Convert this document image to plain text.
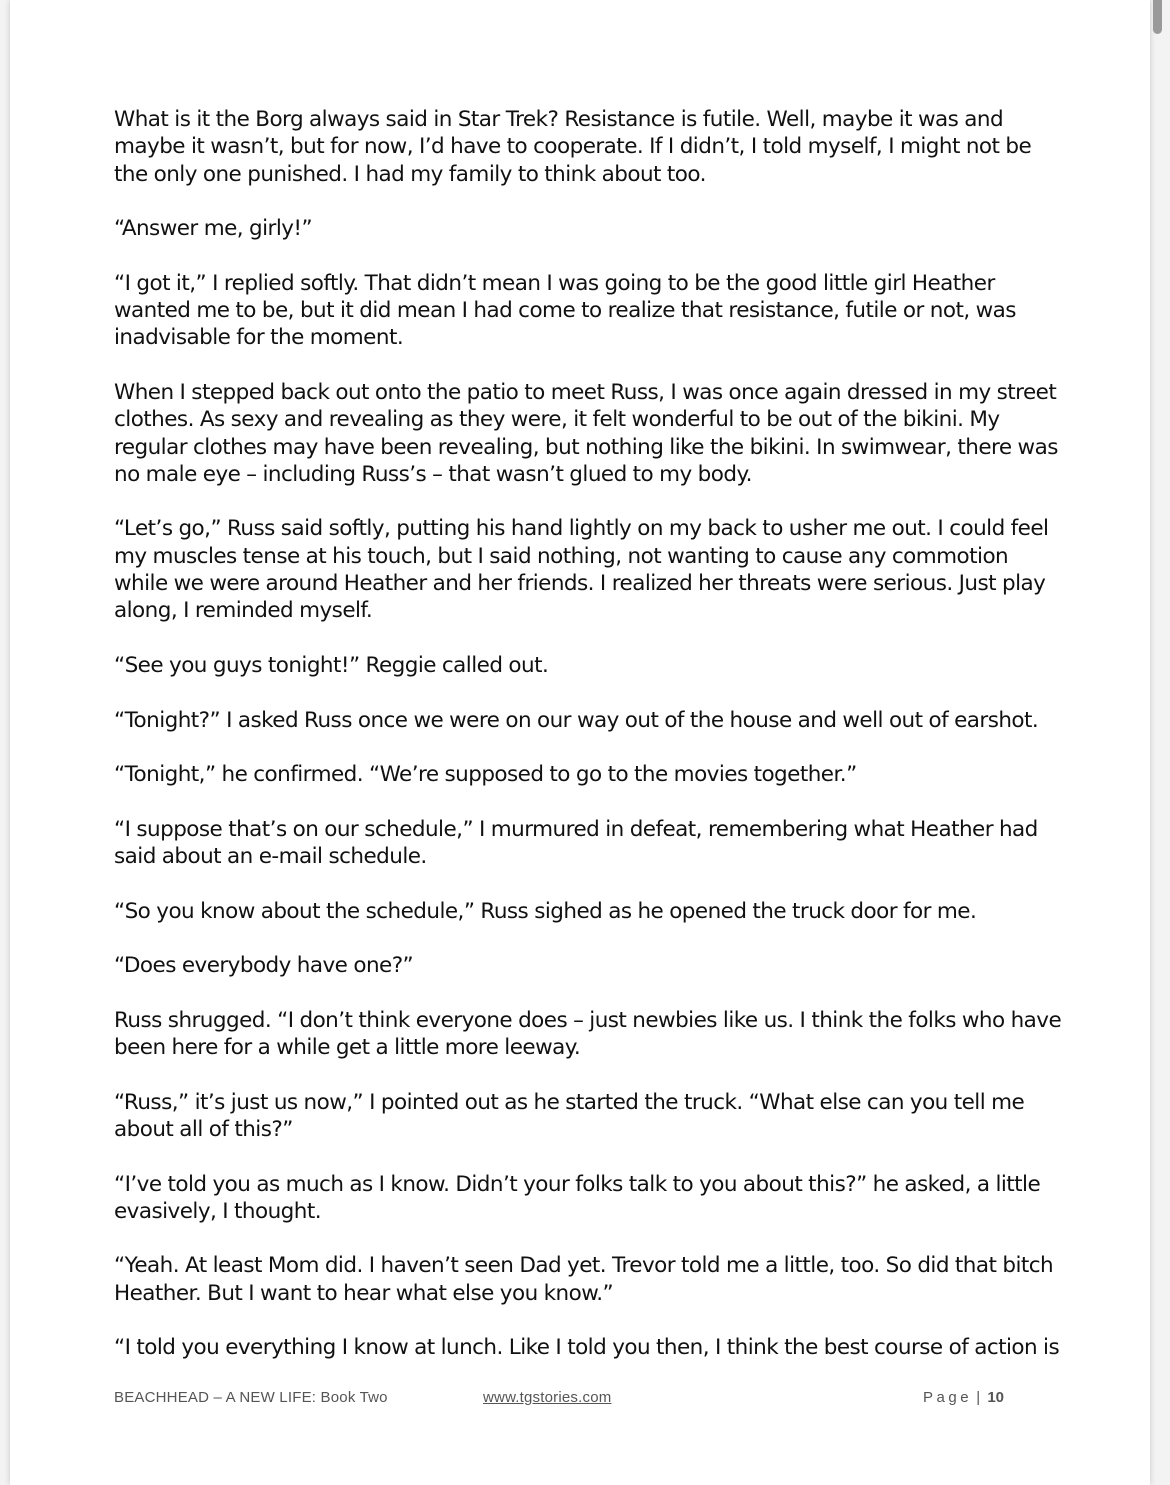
What is it the Borg always said in Star Trek? Resistance is futile. Well, maybe it was and maybe it wasn’t, but for now, I’d have to cooperate. If I didn’t, I told myself, I might not be the only one punished. I had my family to think about too.

“Answer me, girly!”

“I got it,” I replied softly. That didn’t mean I was going to be the good little girl Heather wanted me to be, but it did mean I had come to realize that resistance, futile or not, was inadvisable for the moment.

When I stepped back out onto the patio to meet Russ, I was once again dressed in my street clothes. As sexy and revealing as they were, it felt wonderful to be out of the bikini. My regular clothes may have been revealing, but nothing like the bikini. In swimwear, there was no male eye – including Russ’s – that wasn’t glued to my body.

“Let’s go,” Russ said softly, putting his hand lightly on my back to usher me out. I could feel my muscles tense at his touch, but I said nothing, not wanting to cause any commotion while we were around Heather and her friends. I realized her threats were serious. Just play along, I reminded myself.

“See you guys tonight!” Reggie called out.

“Tonight?” I asked Russ once we were on our way out of the house and well out of earshot.

“Tonight,” he confirmed. “We’re supposed to go to the movies together.”

“I suppose that’s on our schedule,” I murmured in defeat, remembering what Heather had said about an e-mail schedule.

“So you know about the schedule,” Russ sighed as he opened the truck door for me.

“Does everybody have one?”

Russ shrugged. “I don’t think everyone does – just newbies like us. I think the folks who have been here for a while get a little more leeway.

“Russ,” it’s just us now,” I pointed out as he started the truck. “What else can you tell me about all of this?”

“I’ve told you as much as I know. Didn’t your folks talk to you about this?” he asked, a little evasively, I thought.

“Yeah. At least Mom did. I haven’t seen Dad yet. Trevor told me a little, too. So did that bitch Heather. But I want to hear what else you know.”

“I told you everything I know at lunch. Like I told you then, I think the best course of action is

BEACHHEAD – A NEW LIFE: Book Two	www.tgstories.com	Page | 10
